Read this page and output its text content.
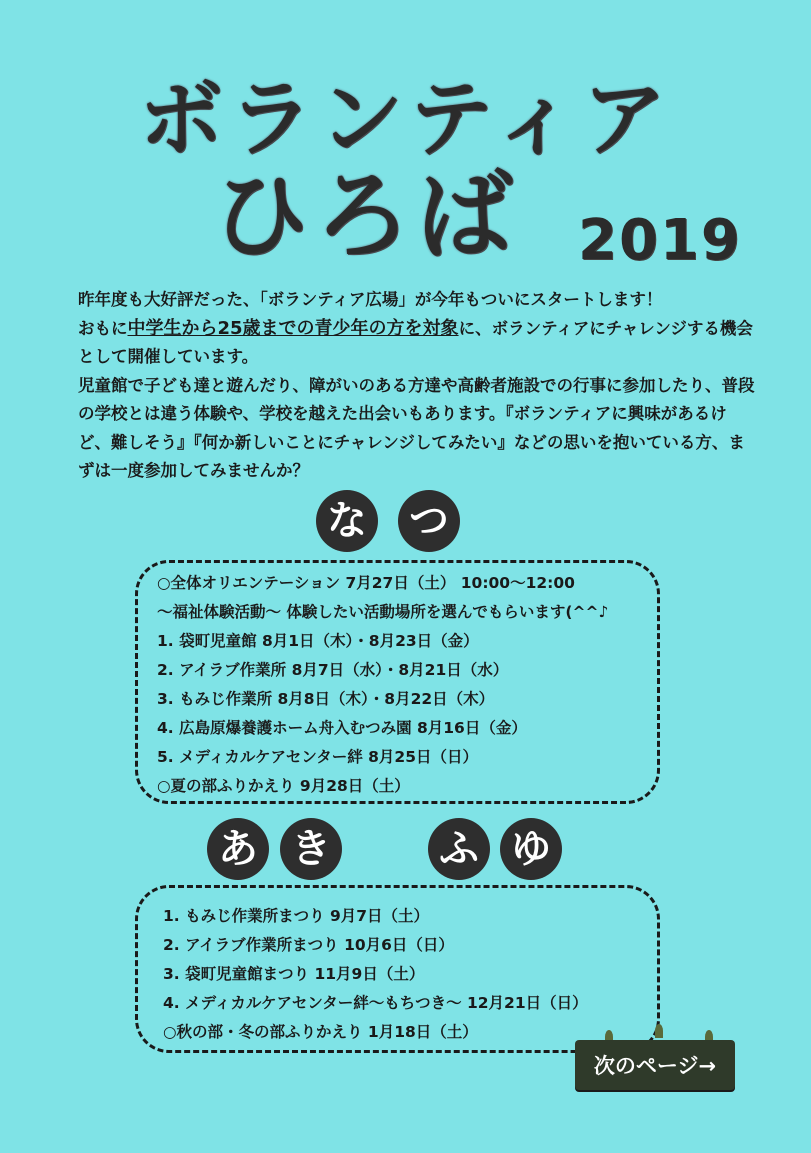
ボランティア
ひろば	2019

昨年度も大好評だった、「ボランティア広場」が今年もついにスタートします！

おもに中学生から25歳までの青少年の方を対象に、ボランティアにチャレンジする機会として開催しています。

児童館で子ども達と遊んだり、障がいのある方達や高齢者施設での行事に参加したり、普段の学校とは違う体験や、学校を越えた出会いもあります。『ボランティアに興味があるけど、難しそう』『何か新しいことにチャレンジしてみたい』などの思いを抱いている方、まずは一度参加してみませんか？

な つ
○全体オリエンテーション 7月27日（土） 10:00〜12:00
〜福祉体験活動〜 体験したい活動場所を選んでもらいます(^^♪
1. 袋町児童館 8月1日（木）・8月23日（金）
2. アイラブ作業所 8月7日（水）・8月21日（水）
3. もみじ作業所 8月8日（木）・8月22日（木）
4. 広島原爆養護ホーム舟入むつみ園 8月16日（金）
5. メディカルケアセンター絆 8月25日（日）
○夏の部ふりかえり 9月28日（土）
あ き	ふ ゆ
1. もみじ作業所まつり 9月7日（土）
2. アイラブ作業所まつり 10月6日（日）
3. 袋町児童館まつり 11月9日（土）
4. メディカルケアセンター絆〜もちつき〜 12月21日（日）
○秋の部・冬の部ふりかえり 1月18日（土）
次のページ→
